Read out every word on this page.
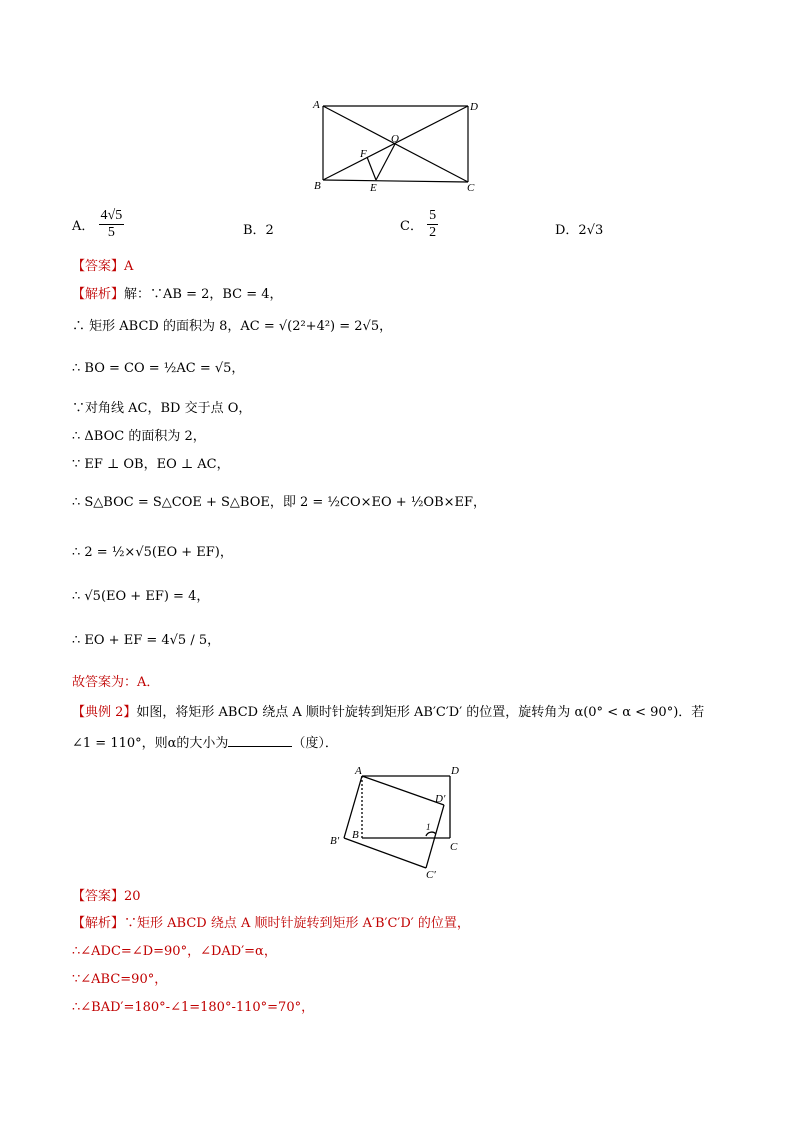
A	D
O
F
B	E	C
A． $\frac{4√5}{5}$	B．2	C． $\frac{5}{2}$	D．2√3
【答案】A
【解析】解：∵AB = 2，BC = 4，
∴ 矩形 ABCD 的面积为 8，AC = √(2²+4²) = 2√5，
∴ BO = CO = ½AC = √5，
∵对角线 AC，BD 交于点 O，
∴ ΔBOC 的面积为 2，
∵ EF ⊥ OB，EO ⊥ AC，
∴ S△BOC = S△COE + S△BOE，即 2 = ½CO×EO + ½OB×EF，
∴ 2 = ½×√5(EO + EF)，
∴ √5(EO + EF) = 4，
∴ EO + EF = 4√5 / 5，
故答案为：A．
【典例 2】如图，将矩形 ABCD 绕点 A 顺时针旋转到矩形 AB′C′D′ 的位置，旋转角为 α(0° < α < 90°)．若
∠1 = 110°，则α的大小为	（度）．
A	D
D′
B′ B
1
C
C′
【答案】20
【解析】∵矩形 ABCD 绕点 A 顺时针旋转到矩形 A′B′C′D′ 的位置，
∴∠ADC=∠D=90°，∠DAD′=α，
∵∠ABC=90°，
∴∠BAD′=180°-∠1=180°-110°=70°，
